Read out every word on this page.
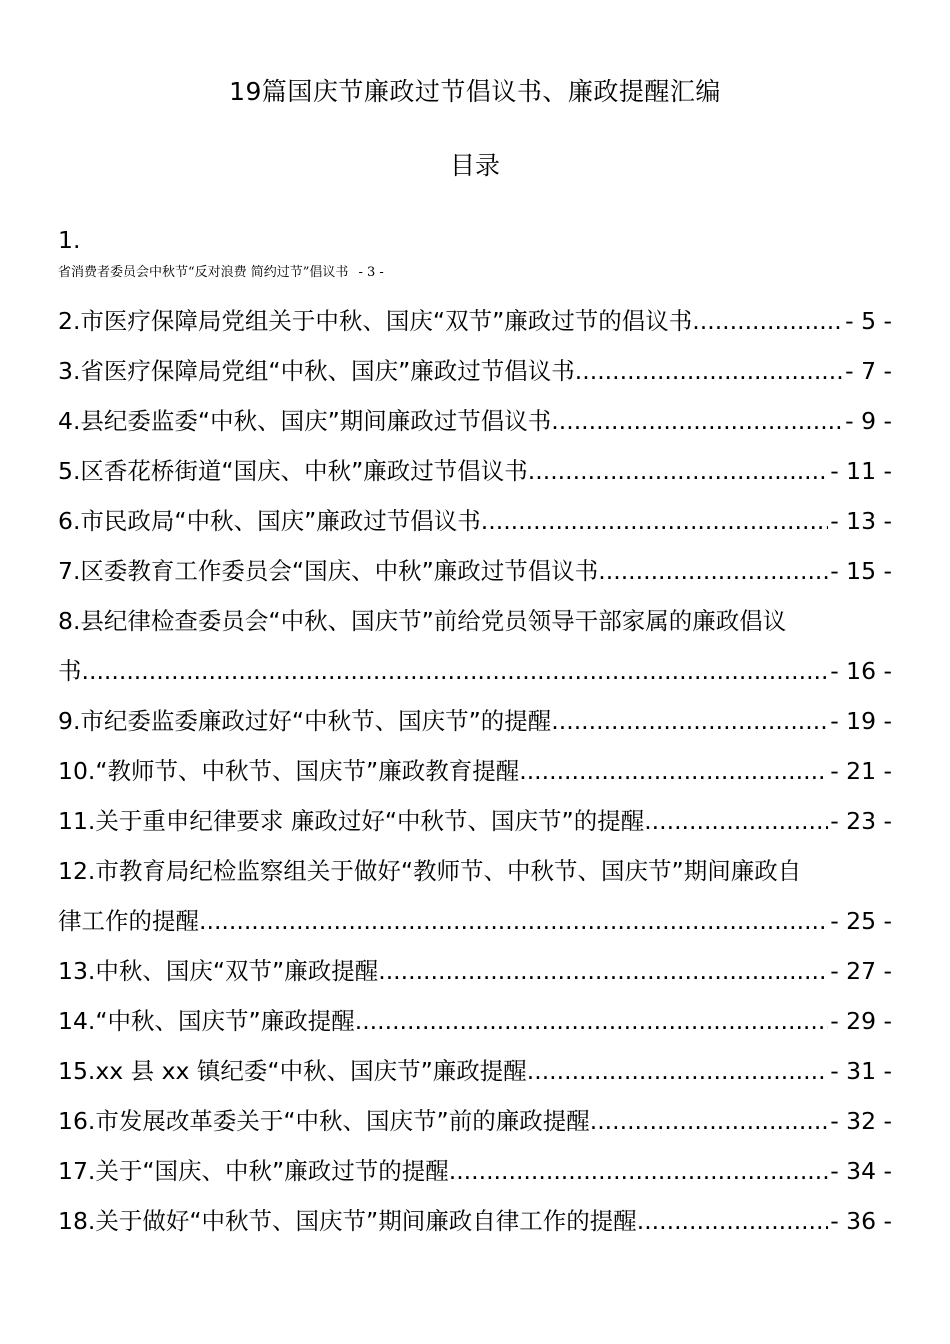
19篇国庆节廉政过节倡议书、廉政提醒汇编
目录
1.
省消费者委员会中秋节“反对浪费 简约过节”倡议书 - 3 -
2.市医疗保障局党组关于中秋、国庆“双节”廉政过节的倡议书 .....	- 5 -
3.省医疗保障局党组“中秋、国庆”廉政过节倡议书 .....	- 7 -
4.县纪委监委“中秋、国庆”期间廉政过节倡议书 .....	- 9 -
5.区香花桥街道“国庆、中秋”廉政过节倡议书 .....	- 11 -
6.市民政局“中秋、国庆”廉政过节倡议书 .....	- 13 -
7.区委教育工作委员会“国庆、中秋”廉政过节倡议书 .....	- 15 -
8.县纪律检查委员会“中秋、国庆节”前给党员领导干部家属的廉政倡议
书 .....	- 16 -
9.市纪委监委廉政过好“中秋节、国庆节”的提醒 .....	- 19 -
10.“教师节、中秋节、国庆节”廉政教育提醒 .....	- 21 -
11.关于重申纪律要求 廉政过好“中秋节、国庆节”的提醒 .....	- 23 -
12.市教育局纪检监察组关于做好“教师节、中秋节、国庆节”期间廉政自
律工作的提醒 .....	- 25 -
13.中秋、国庆“双节”廉政提醒 .....	- 27 -
14.“中秋、国庆节”廉政提醒 .....	- 29 -
15.xx 县 xx 镇纪委“中秋、国庆节”廉政提醒 .....	- 31 -
16.市发展改革委关于“中秋、国庆节”前的廉政提醒 .....	- 32 -
17.关于“国庆、中秋”廉政过节的提醒 .....	- 34 -
18.关于做好“中秋节、国庆节”期间廉政自律工作的提醒 .....	- 36 -
